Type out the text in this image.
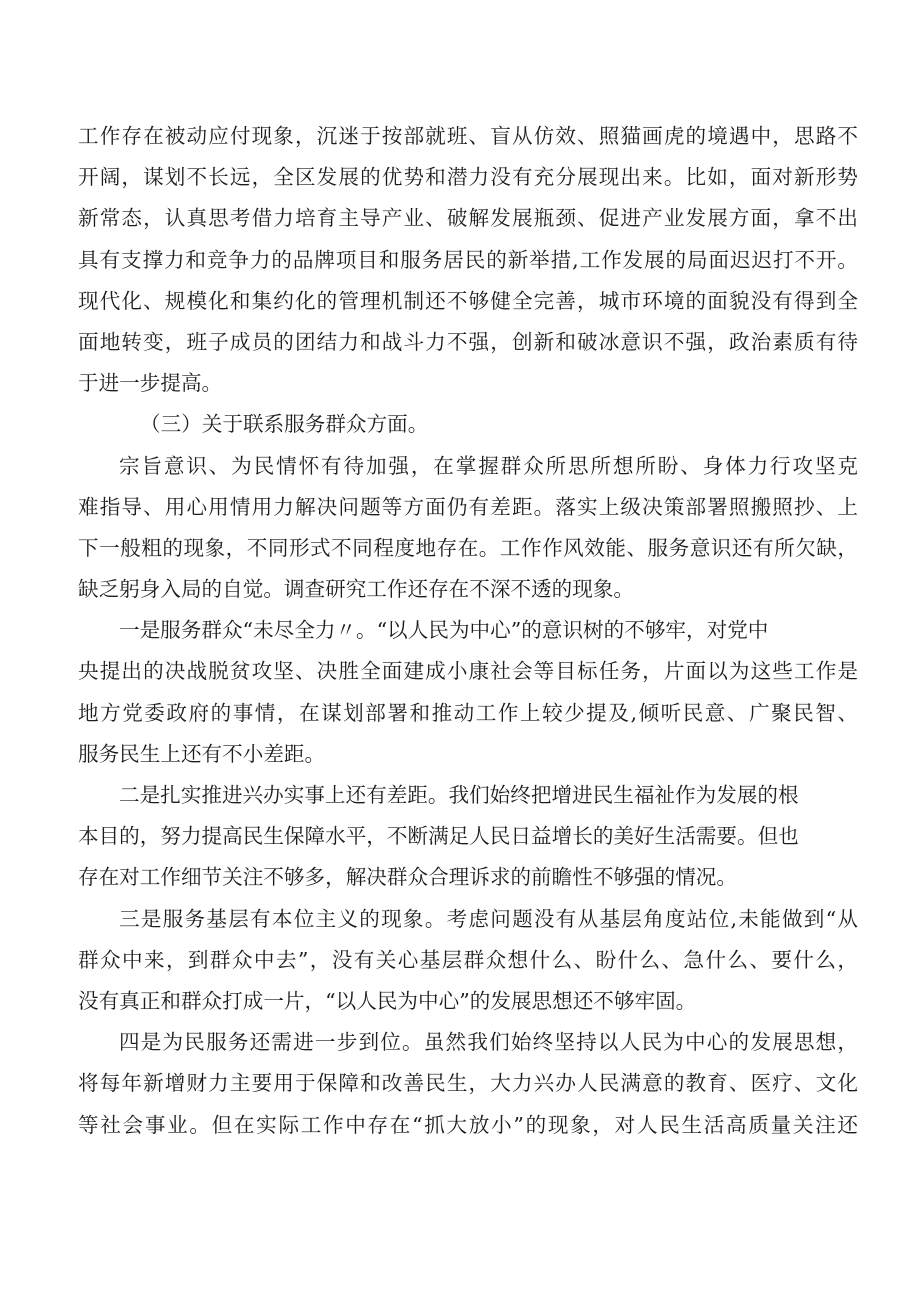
工作存在被动应付现象，沉迷于按部就班、盲从仿效、照猫画虎的境遇中，思路不
开阔，谋划不长远，全区发展的优势和潜力没有充分展现出来。比如，面对新形势
新常态，认真思考借力培育主导产业、破解发展瓶颈、促进产业发展方面，拿不出
具有支撑力和竞争力的品牌项目和服务居民的新举措,工作发展的局面迟迟打不开。
现代化、规模化和集约化的管理机制还不够健全完善，城市环境的面貌没有得到全
面地转变，班子成员的团结力和战斗力不强，创新和破冰意识不强，政治素质有待
于进一步提高。
（三）关于联系服务群众方面。
宗旨意识、为民情怀有待加强，在掌握群众所思所想所盼、身体力行攻坚克
难指导、用心用情用力解决问题等方面仍有差距。落实上级决策部署照搬照抄、上
下一般粗的现象，不同形式不同程度地存在。工作作风效能、服务意识还有所欠缺，
缺乏躬身入局的自觉。调查研究工作还存在不深不透的现象。
一是服务群众“未尽全力〃。“以人民为中心”的意识树的不够牢，对党中
央提出的决战脱贫攻坚、决胜全面建成小康社会等目标任务，片面以为这些工作是
地方党委政府的事情，在谋划部署和推动工作上较少提及,倾听民意、广聚民智、
服务民生上还有不小差距。
二是扎实推进兴办实事上还有差距。我们始终把增进民生福祉作为发展的根
本目的，努力提高民生保障水平，不断满足人民日益增长的美好生活需要。但也
存在对工作细节关注不够多，解决群众合理诉求的前瞻性不够强的情况。
三是服务基层有本位主义的现象。考虑问题没有从基层角度站位,未能做到“从
群众中来，到群众中去”，没有关心基层群众想什么、盼什么、急什么、要什么，
没有真正和群众打成一片，“以人民为中心”的发展思想还不够牢固。
四是为民服务还需进一步到位。虽然我们始终坚持以人民为中心的发展思想，
将每年新增财力主要用于保障和改善民生，大力兴办人民满意的教育、医疗、文化
等社会事业。但在实际工作中存在“抓大放小”的现象，对人民生活高质量关注还
